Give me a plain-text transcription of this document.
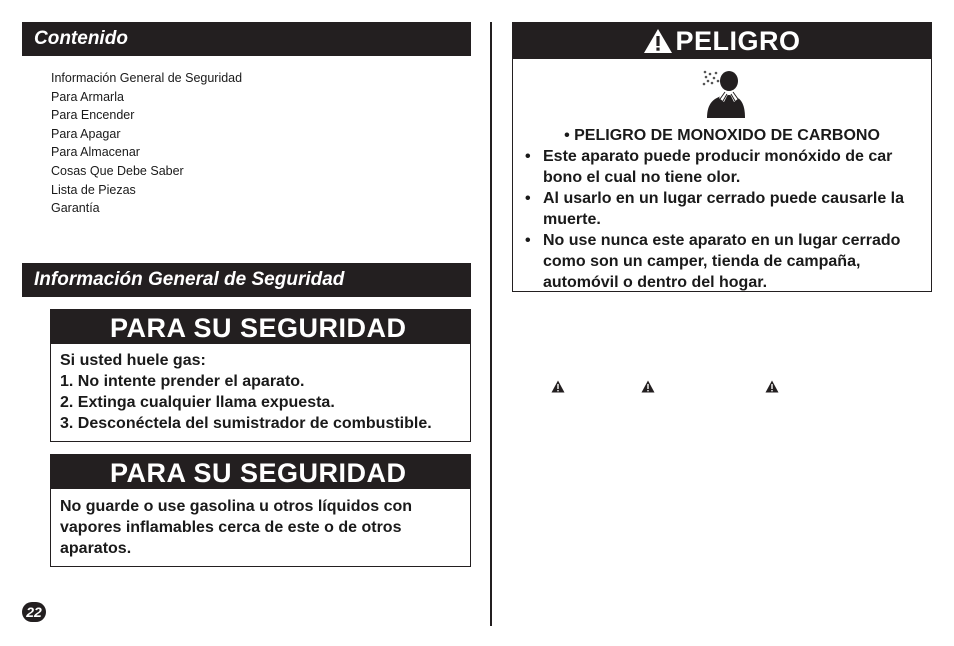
Contenido
Información General de Seguridad
Para Armarla
Para Encender
Para Apagar
Para Almacenar
Cosas Que Debe Saber
Lista de Piezas
Garantía
Información General de Seguridad
PARA SU SEGURIDAD
Si usted huele gas:
1. No intente prender el aparato.
2. Extinga cualquier llama expuesta.
3. Desconéctela del sumistrador de combustible.
PARA SU SEGURIDAD
No guarde o use gasolina u otros líquidos con
vapores inflamables cerca de este o de otros
aparatos.
22
PELIGRO
• PELIGRO DE MONOXIDO DE CARBONO
• Este aparato puede producir monóxido de car
bono el cual no tiene olor.
• Al usarlo en un lugar cerrado puede causarle la
muerte.
• No use nunca este aparato en un lugar cerrado
como son un camper, tienda de campaña,
automóvil o dentro del hogar.
